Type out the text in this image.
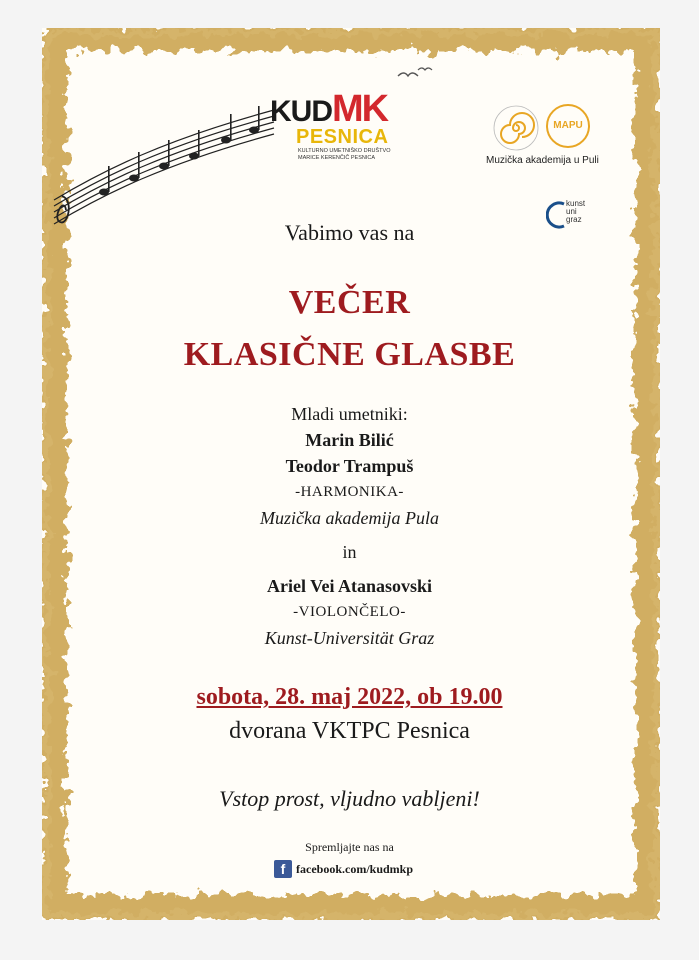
KUDMK
PESNICA
KULTURNO UMETNIŠKO DRUŠTVO
MARICE KERENČIČ PESNICA
MAPU
Muzička akademija u Puli
kunst
uni
graz
Vabimo vas na
VEČER
KLASIČNE GLASBE
Mladi umetniki:
Marin Bilić
Teodor Trampuš
-HARMONIKA-
Muzička akademija Pula
in
Ariel Vei Atanasovski
-VIOLONČELO-
Kunst-Universität Graz
sobota, 28. maj 2022, ob 19.00
dvorana VKTPC Pesnica
Vstop prost, vljudno vabljeni!
Spremljajte nas na
f facebook.com/kudmkp
